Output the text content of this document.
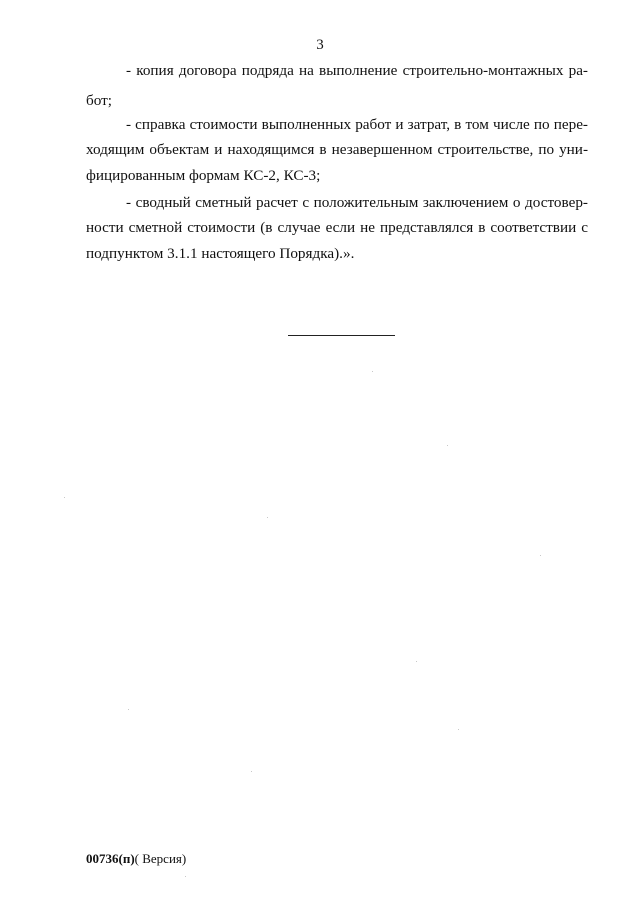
3
- копия договора подряда на выполнение строительно-монтажных ра-
бот;
- справка стоимости выполненных работ и затрат, в том числе по пере-
ходящим объектам и находящимся в незавершенном строительстве, по уни-
фицированным формам КС-2, КС-3;
- сводный сметный расчет с положительным заключением о достовер-
ности сметной стоимости (в случае если не представлялся в соответствии с
подпунктом 3.1.1 настоящего Порядка).».
00736(п)( Версия)
